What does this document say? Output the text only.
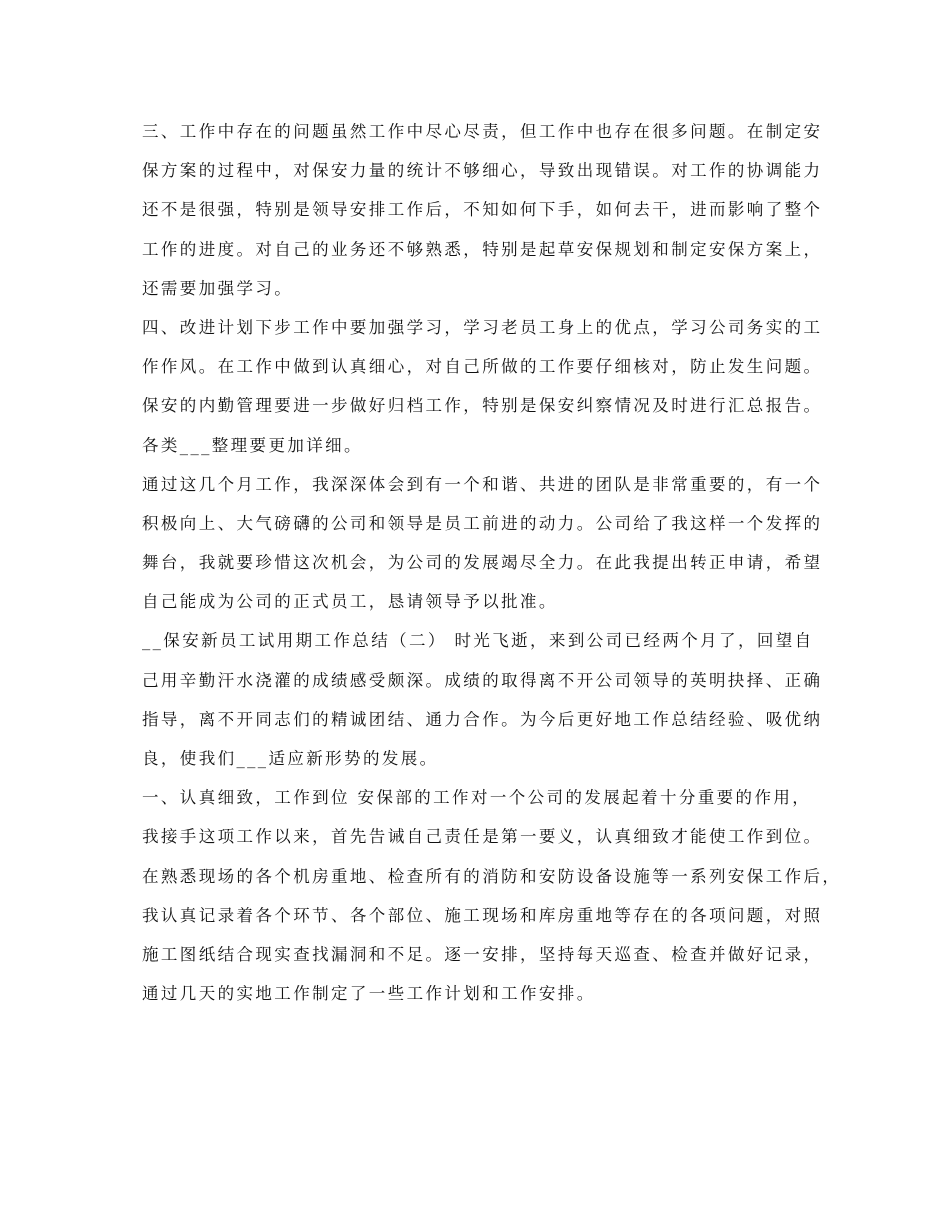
三、工作中存在的问题虽然工作中尽心尽责，但工作中也存在很多问题。在制定安
保方案的过程中，对保安力量的统计不够细心，导致出现错误。对工作的协调能力
还不是很强，特别是领导安排工作后，不知如何下手，如何去干，进而影响了整个
工作的进度。对自己的业务还不够熟悉，特别是起草安保规划和制定安保方案上，
还需要加强学习。
四、改进计划下步工作中要加强学习，学习老员工身上的优点，学习公司务实的工
作作风。在工作中做到认真细心，对自己所做的工作要仔细核对，防止发生问题。
保安的内勤管理要进一步做好归档工作，特别是保安纠察情况及时进行汇总报告。
各类___整理要更加详细。
通过这几个月工作，我深深体会到有一个和谐、共进的团队是非常重要的，有一个
积极向上、大气磅礴的公司和领导是员工前进的动力。公司给了我这样一个发挥的
舞台，我就要珍惜这次机会，为公司的发展竭尽全力。在此我提出转正申请，希望
自己能成为公司的正式员工，恳请领导予以批准。
__保安新员工试用期工作总结（二） 时光飞逝，来到公司已经两个月了，回望自
己用辛勤汗水浇灌的成绩感受颇深。成绩的取得离不开公司领导的英明抉择、正确
指导，离不开同志们的精诚团结、通力合作。为今后更好地工作总结经验、吸优纳
良，使我们___适应新形势的发展。
一、认真细致，工作到位 安保部的工作对一个公司的发展起着十分重要的作用，
我接手这项工作以来，首先告诫自己责任是第一要义，认真细致才能使工作到位。
在熟悉现场的各个机房重地、检查所有的消防和安防设备设施等一系列安保工作后，
我认真记录着各个环节、各个部位、施工现场和库房重地等存在的各项问题，对照
施工图纸结合现实查找漏洞和不足。逐一安排，坚持每天巡查、检查并做好记录，
通过几天的实地工作制定了一些工作计划和工作安排。
